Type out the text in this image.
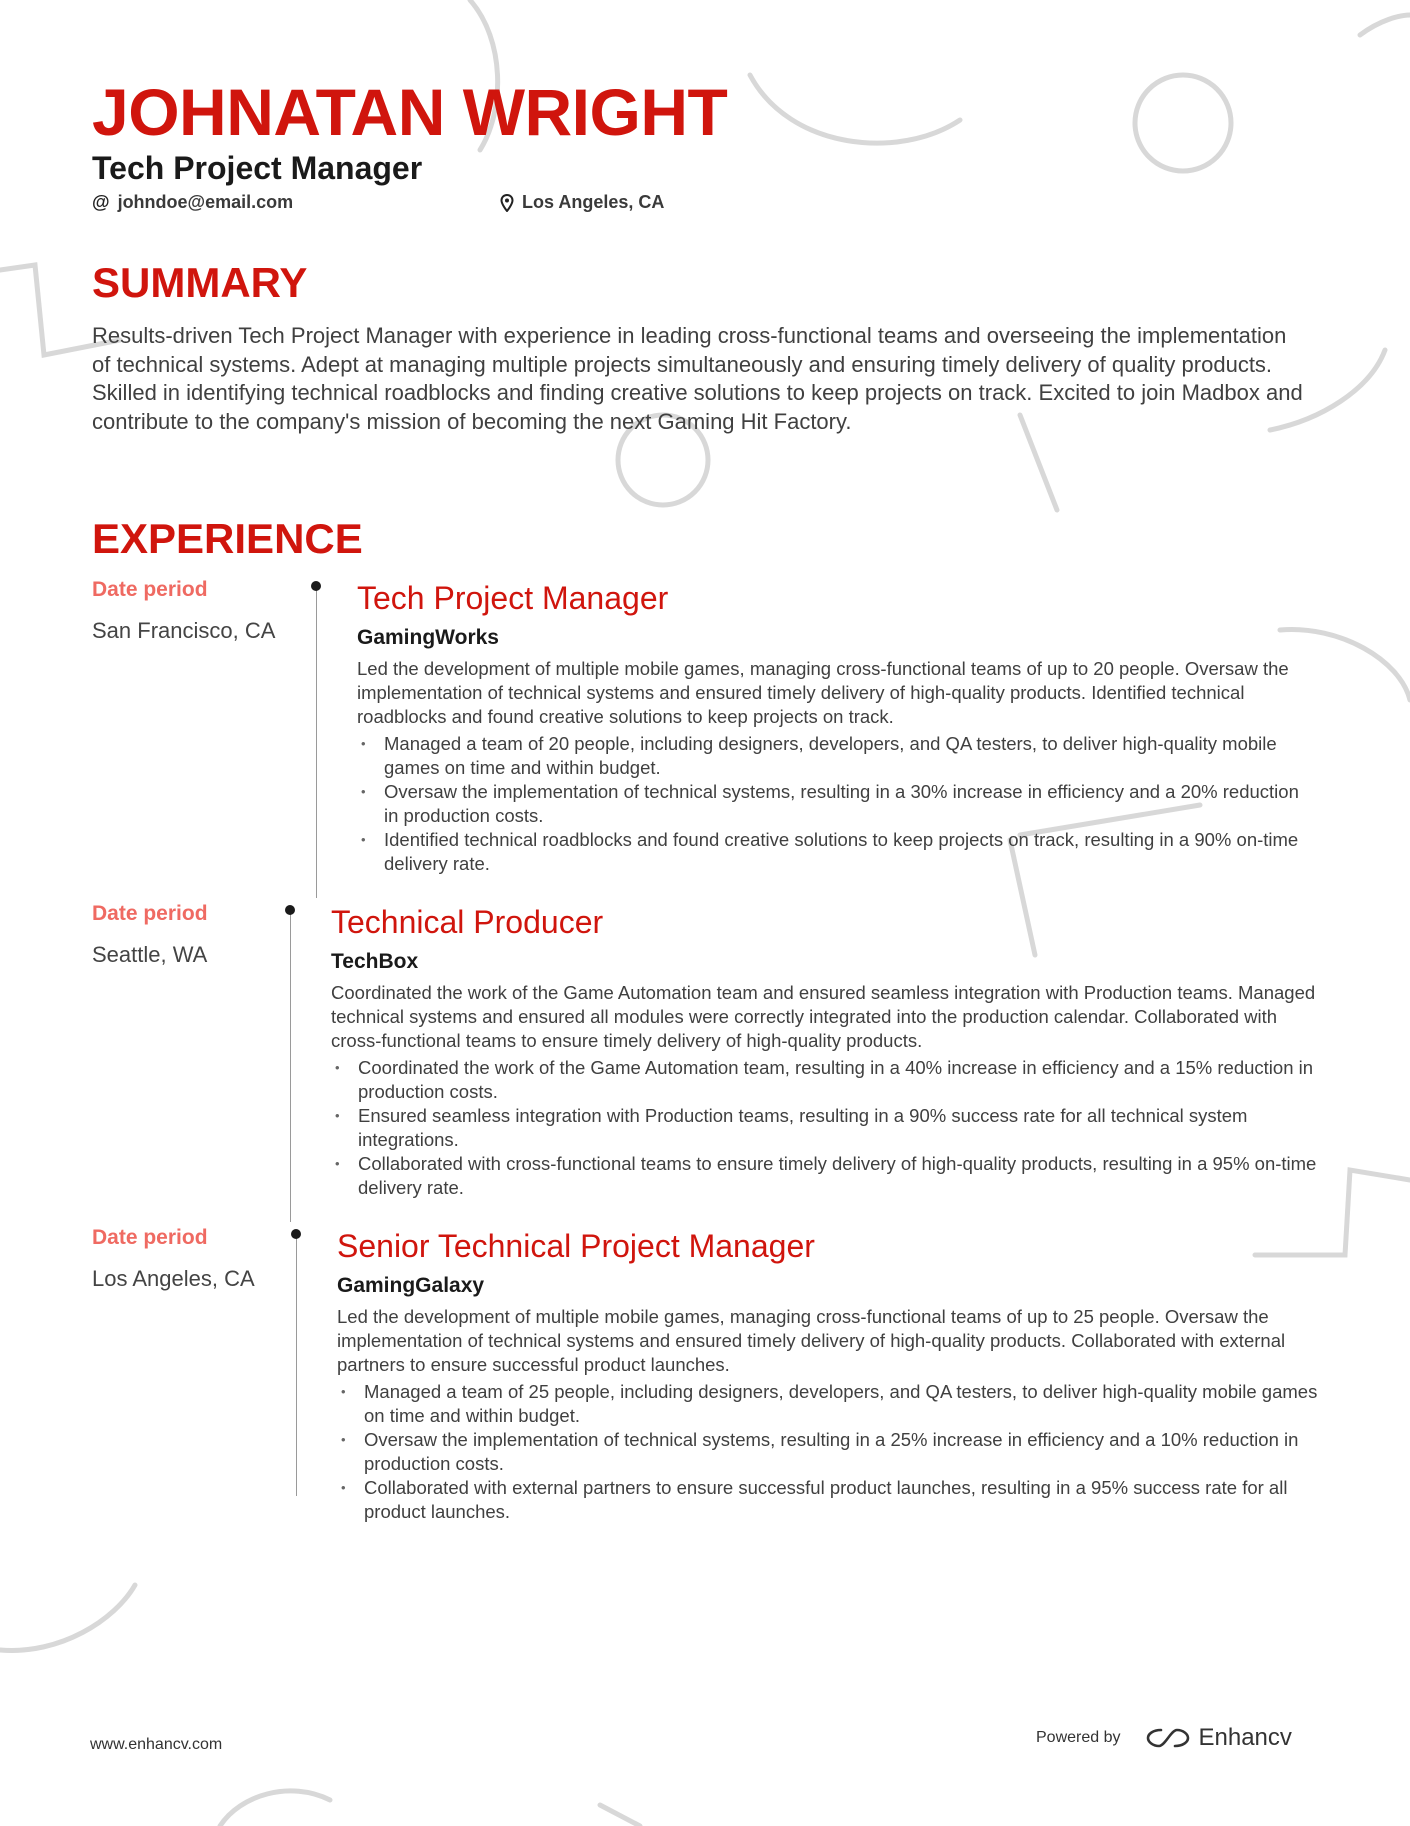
JOHNATAN WRIGHT
Tech Project Manager
@ johndoe@email.com	Los Angeles, CA
SUMMARY

Results-driven Tech Project Manager with experience in leading cross-functional teams and overseeing the implementation of technical systems. Adept at managing multiple projects simultaneously and ensuring timely delivery of quality products. Skilled in identifying technical roadblocks and finding creative solutions to keep projects on track. Excited to join Madbox and contribute to the company's mission of becoming the next Gaming Hit Factory.

EXPERIENCE
Date period
San Francisco, CA
Tech Project Manager
GamingWorks
Led the development of multiple mobile games, managing cross-functional teams of up to 20 people. Oversaw the implementation of technical systems and ensured timely delivery of high-quality products. Identified technical roadblocks and found creative solutions to keep projects on track.
• Managed a team of 20 people, including designers, developers, and QA testers, to deliver high-quality mobile games on time and within budget.
• Oversaw the implementation of technical systems, resulting in a 30% increase in efficiency and a 20% reduction in production costs.
• Identified technical roadblocks and found creative solutions to keep projects on track, resulting in a 90% on-time delivery rate.
Date period
Seattle, WA
Technical Producer
TechBox
Coordinated the work of the Game Automation team and ensured seamless integration with Production teams. Managed technical systems and ensured all modules were correctly integrated into the production calendar. Collaborated with cross-functional teams to ensure timely delivery of high-quality products.
• Coordinated the work of the Game Automation team, resulting in a 40% increase in efficiency and a 15% reduction in production costs.
• Ensured seamless integration with Production teams, resulting in a 90% success rate for all technical system integrations.
• Collaborated with cross-functional teams to ensure timely delivery of high-quality products, resulting in a 95% on-time delivery rate.
Date period
Los Angeles, CA
Senior Technical Project Manager
GamingGalaxy
Led the development of multiple mobile games, managing cross-functional teams of up to 25 people. Oversaw the implementation of technical systems and ensured timely delivery of high-quality products. Collaborated with external partners to ensure successful product launches.
• Managed a team of 25 people, including designers, developers, and QA testers, to deliver high-quality mobile games on time and within budget.
• Oversaw the implementation of technical systems, resulting in a 25% increase in efficiency and a 10% reduction in production costs.
• Collaborated with external partners to ensure successful product launches, resulting in a 95% success rate for all product launches.
www.enhancv.com	Powered by	Enhancv
